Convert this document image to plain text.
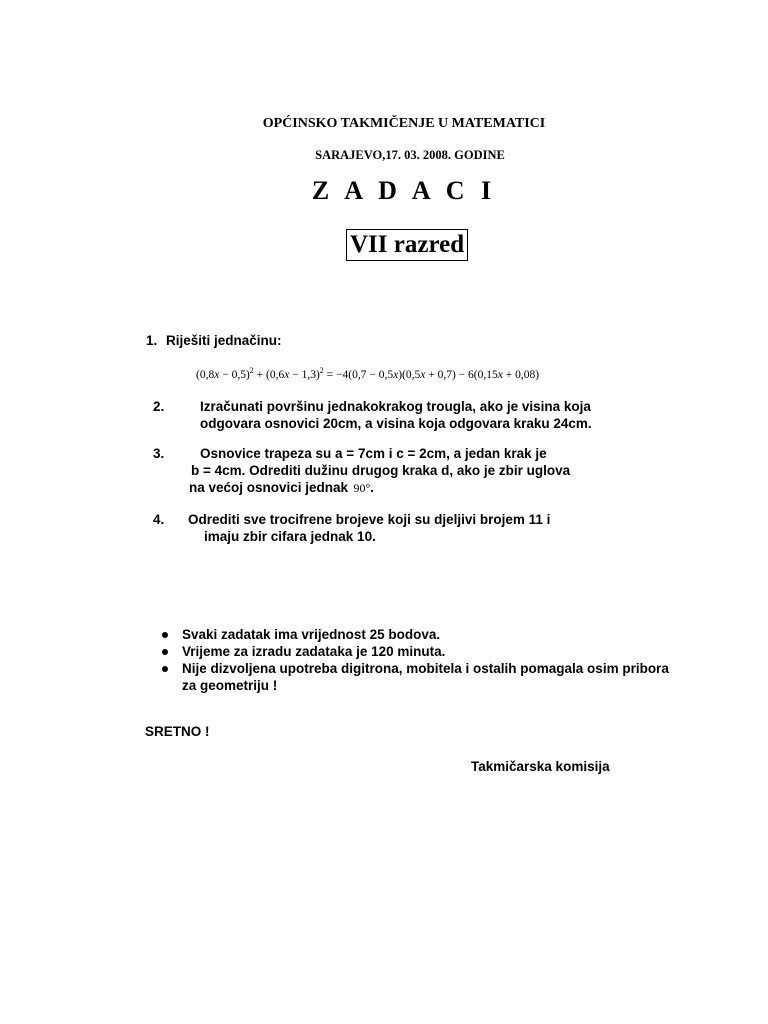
OPĆINSKO TAKMIČENJE U MATEMATICI
SARAJEVO,17. 03. 2008. GODINE
Z A D A C I
VII razred
1. Riješiti jednačinu:
$(0,8x - 0,5)^2 + (0,6x - 1,3)^2 = -4(0,7 - 0,5x)(0,5x + 0,7) - 6(0,15x + 0,08)$
2.	Izračunati površinu jednakokrakog trougla, ako je visina koja
odgovara osnovici 20cm, a visina koja odgovara kraku 24cm.
3.	Osnovice trapeza su a = 7cm i c = 2cm, a jedan krak je
b = 4cm. Odrediti dužinu drugog kraka d, ako je zbir uglova
na većoj osnovici jednak 90°.
4. Odrediti sve trocifrene brojeve koji su djeljivi brojem 11 i
imaju zbir cifara jednak 10.
Svaki zadatak ima vrijednost 25 bodova.
Vrijeme za izradu zadataka je 120 minuta.
Nije dizvoljena upotreba digitrona, mobitela i ostalih pomagala osim pribora
za geometriju !
SRETNO !
Takmičarska komisija
